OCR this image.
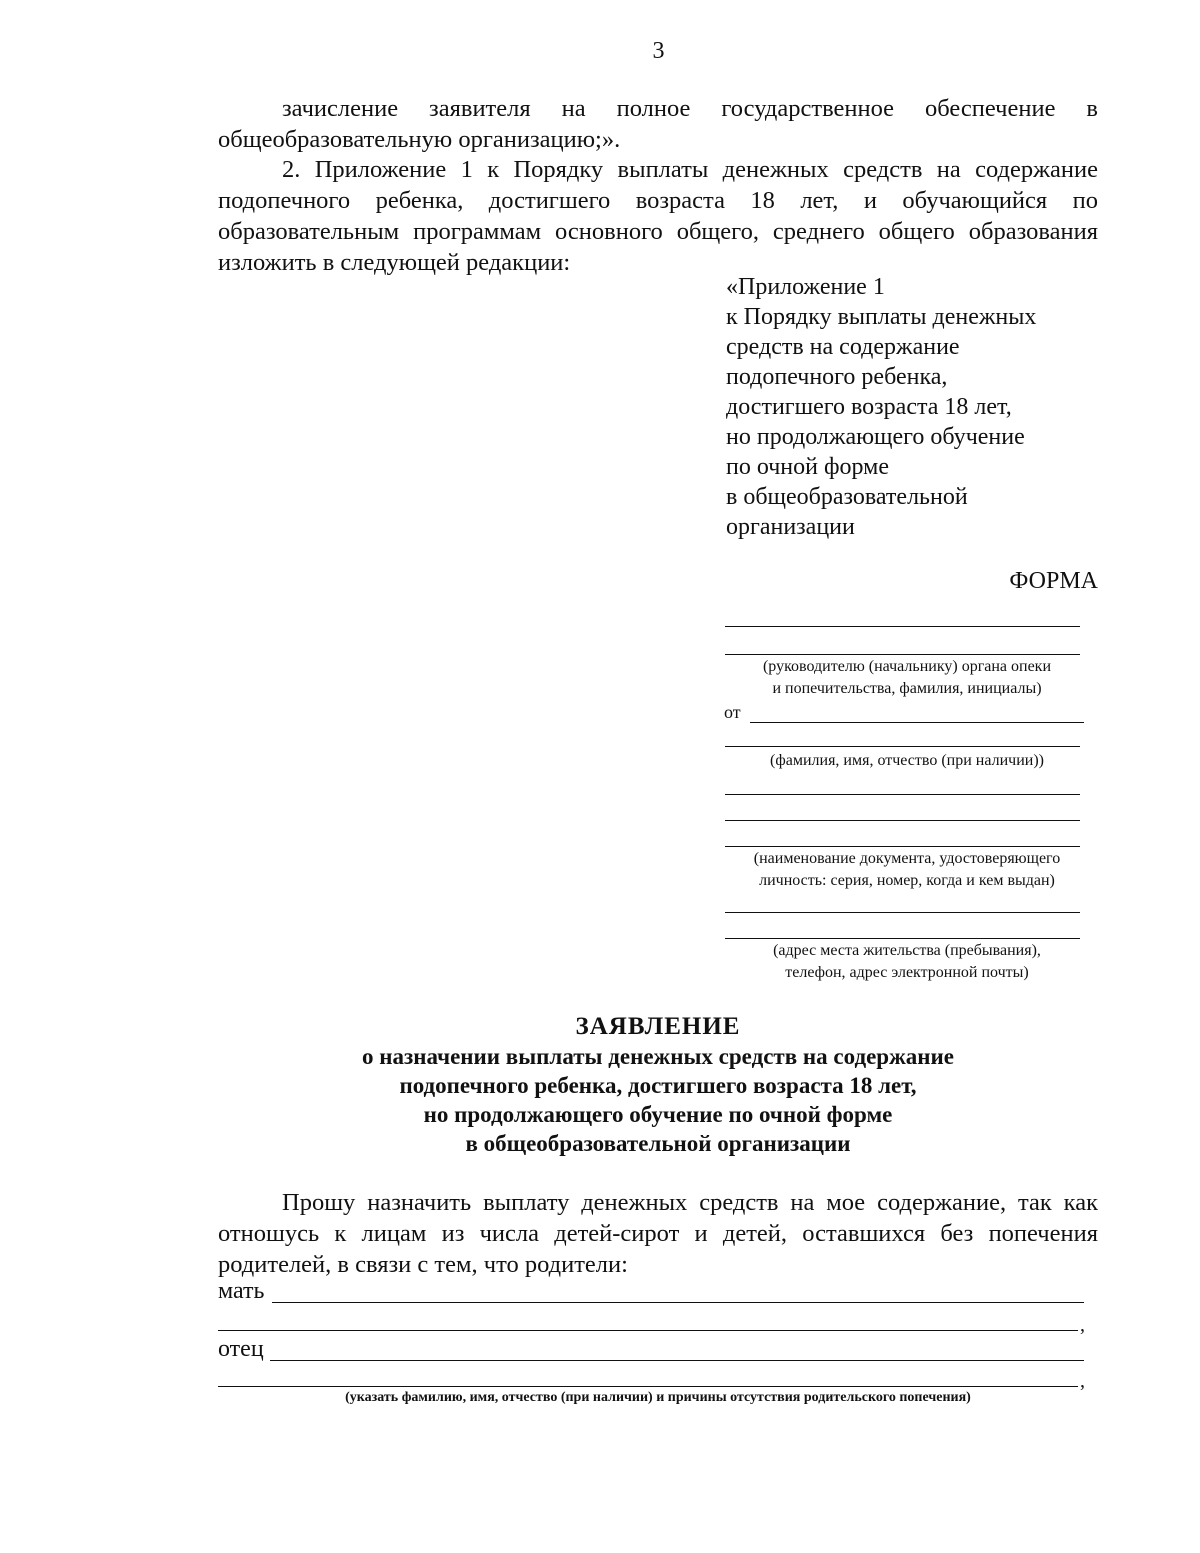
3
зачисление заявителя на полное государственное обеспечение в общеобразовательную организацию;».
2. Приложение 1 к Порядку выплаты денежных средств на содержание подопечного ребенка, достигшего возраста 18 лет, и обучающийся по образовательным программам основного общего, среднего общего образования изложить в следующей редакции:
«Приложение 1
к Порядку выплаты денежных
средств на содержание
подопечного ребенка,
достигшего возраста 18 лет,
но продолжающего обучение
по очной форме
в общеобразовательной
организации
ФОРМА
(руководителю (начальнику) органа опеки
и попечительства, фамилия, инициалы)
от
(фамилия, имя, отчество (при наличии))
(наименование документа, удостоверяющего
личность: серия, номер, когда и кем выдан)
(адрес места жительства (пребывания),
телефон, адрес электронной почты)
ЗАЯВЛЕНИЕ
о назначении выплаты денежных средств на содержание
подопечного ребенка, достигшего возраста 18 лет,
но продолжающего обучение по очной форме
в общеобразовательной организации
Прошу назначить выплату денежных средств на мое содержание, так как отношусь к лицам из числа детей-сирот и детей, оставшихся без попечения родителей, в связи с тем, что родители:
мать
,
отец
,
(указать фамилию, имя, отчество (при наличии) и причины отсутствия родительского попечения)
